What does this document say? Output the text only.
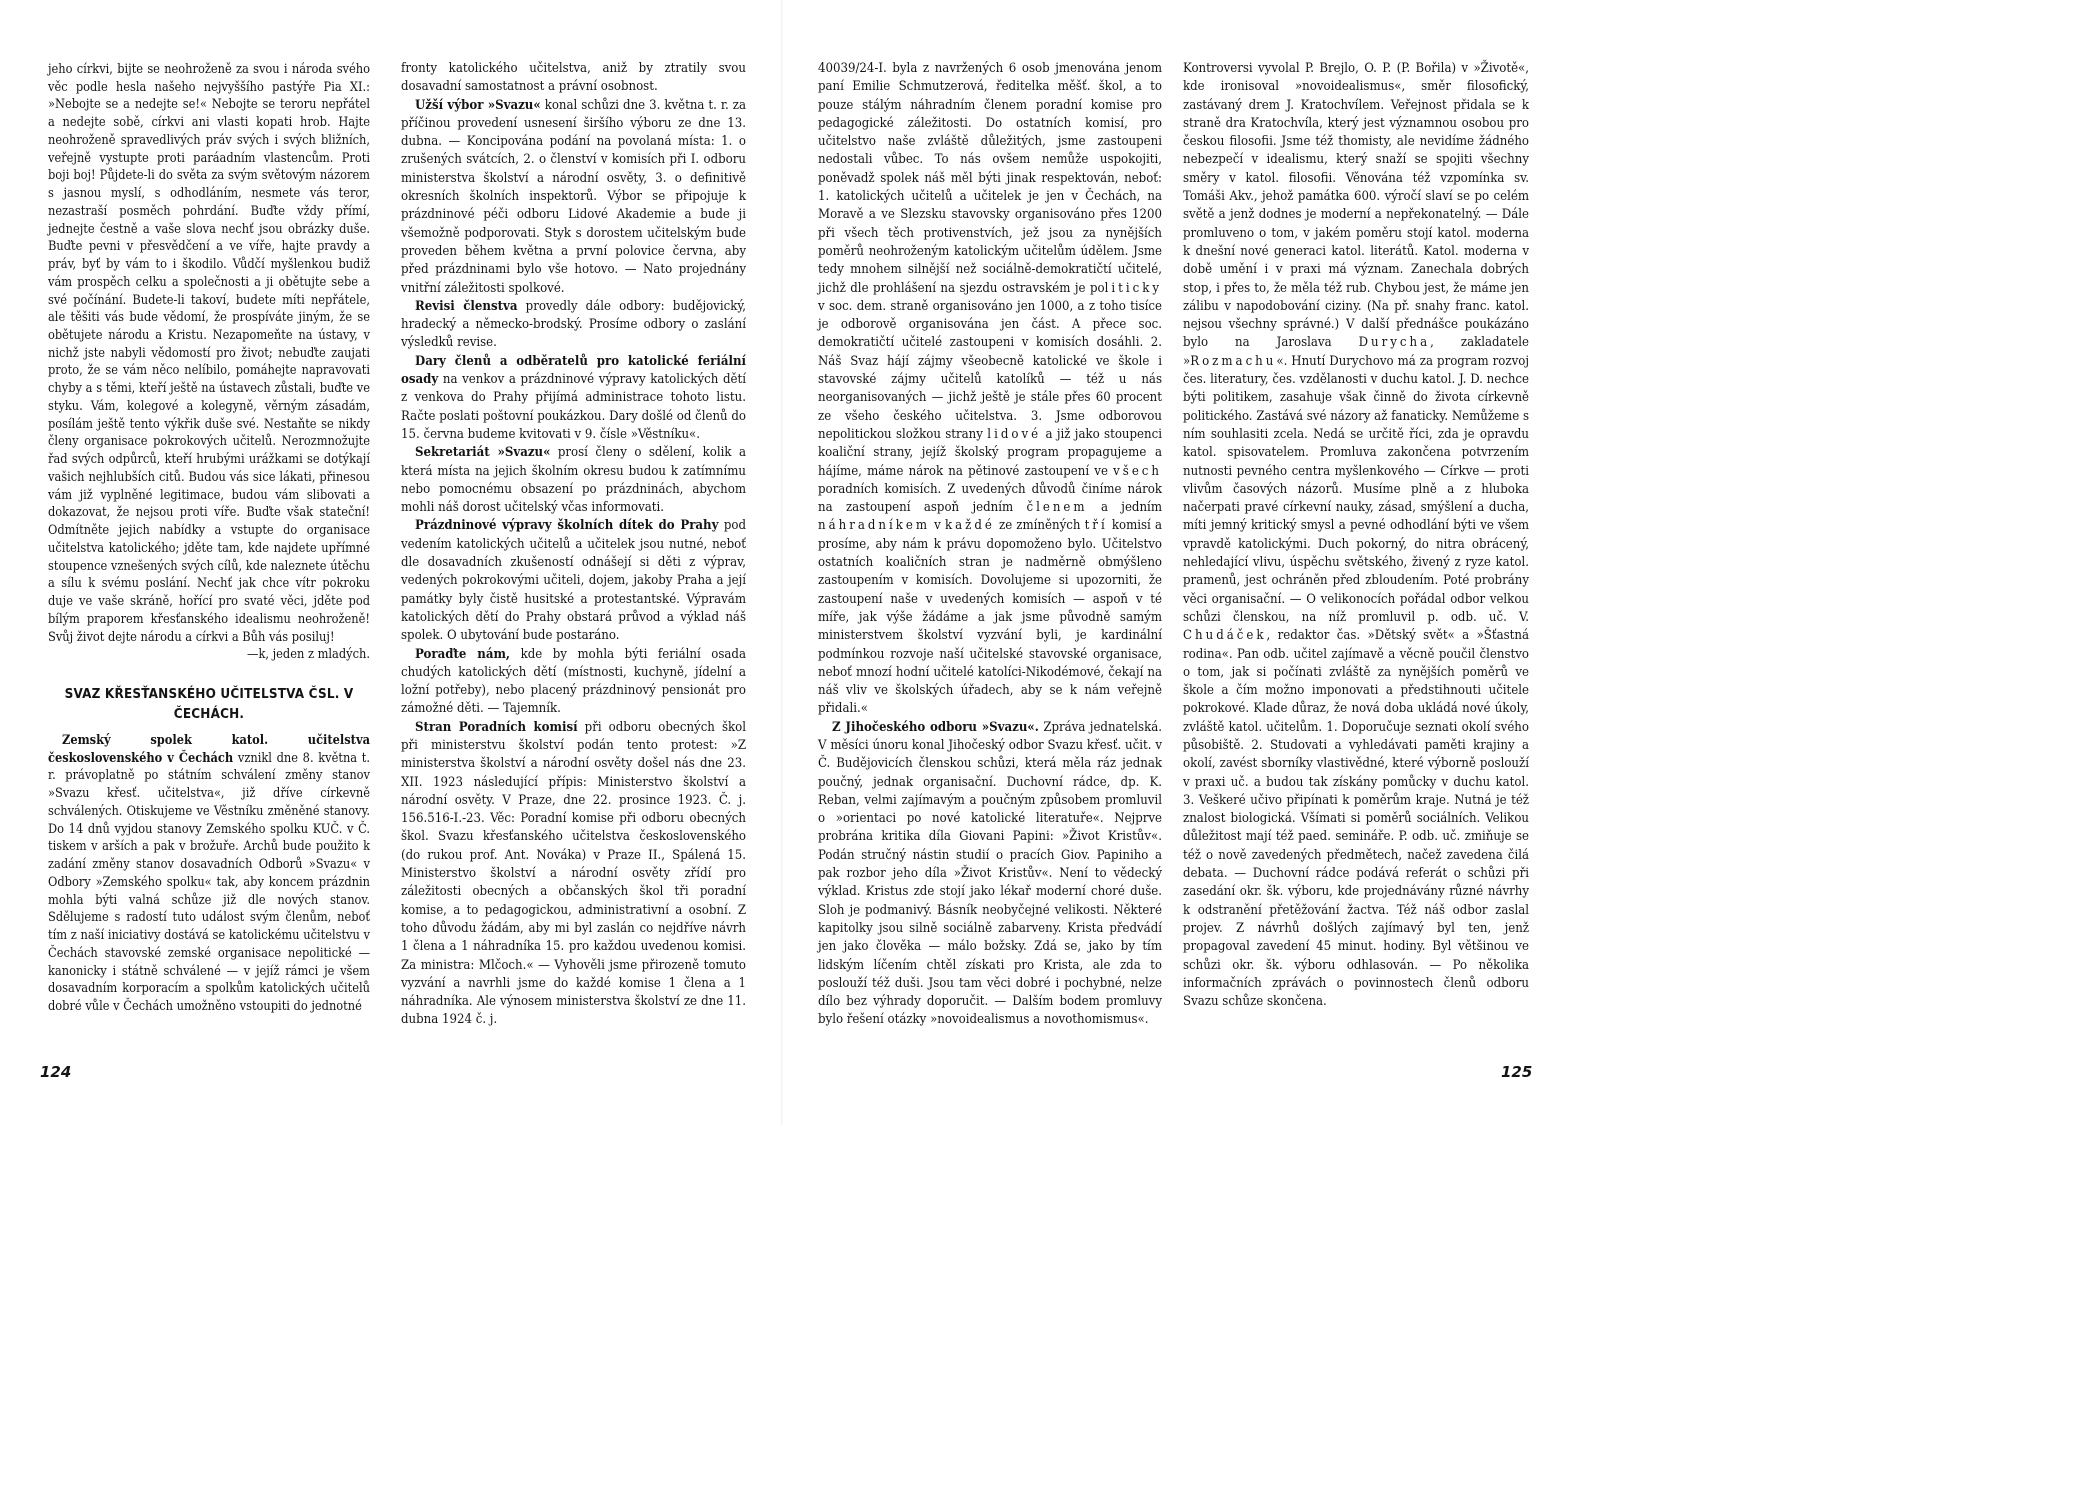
jeho církvi, bijte se neohroženě za svou i národa svého věc podle hesla našeho nejvyššího pastýře Pia XI.: »Nebojte se a nedejte se!« Nebojte se teroru nepřátel a nedejte sobě, církvi ani vlasti kopati hrob. Hajte neohroženě spravedlivých práv svých i svých bližních, veřejně vystupte proti paráadním vlastencům. Proti boji boj! Půjdete-li do světa za svým světovým názorem s jasnou myslí, s odhodláním, nesmete vás teror, nezastraší posměch pohrdání. Buďte vždy přímí, jednejte čestně a vaše slova nechť jsou obrázky duše. Buďte pevni v přesvědčení a ve víře, hajte pravdy a práv, byť by vám to i škodilo. Vůdčí myšlenkou budiž vám prospěch celku a společnosti a ji obětujte sebe a své počínání. Budete-li takoví, budete míti nepřátele, ale těšiti vás bude vědomí, že prospíváte jiným, že se obětujete národu a Kristu. Nezapomeňte na ústavy, v nichž jste nabyli vědomostí pro život; nebuďte zaujati proto, že se vám něco nelíbilo, pomáhejte napravovati chyby a s těmi, kteří ještě na ústavech zůstali, buďte ve styku. Vám, kolegové a kolegyně, věrným zásadám, posílám ještě tento výkřik duše své. Nestaňte se nikdy členy organisace pokrokových učitelů. Nerozmnožujte řad svých odpůrců, kteří hrubými urážkami se dotýkají vašich nejhlubších citů. Budou vás sice lákati, přinesou vám již vyplněné legitimace, budou vám slibovati a dokazovat, že nejsou proti víře. Buďte však stateční! Odmítněte jejich nabídky a vstupte do organisace učitelstva katolického; jděte tam, kde najdete upřímné stoupence vznešených svých cílů, kde naleznete útěchu a sílu k svému poslání. Nechť jak chce vítr pokroku duje ve vaše skráně, hořící pro svaté věci, jděte pod bílým praporem křesťanského idealismu neohroženě! Svůj život dejte národu a církvi a Bůh vás posiluj!

—k, jeden z mladých.

SVAZ KŘESŤANSKÉHO UČITELSTVA ČSL. V ČECHÁCH.

Zemský spolek katol. učitelstva československého v Čechách vznikl dne 8. května t. r. právoplatně po státním schválení změny stanov »Svazu křesť. učitelstva«, již dříve církevně schválených. Otiskujeme ve Věstníku změněné stanovy. Do 14 dnů vyjdou stanovy Zemského spolku KUČ. v Č. tiskem v arších a pak v brožuře. Archů bude použito k zadání změny stanov dosavadních Odborů »Svazu« v Odbory »Zemského spolku« tak, aby koncem prázdnin mohla býti valná schůze již dle nových stanov. Sdělujeme s radostí tuto událost svým členům, neboť tím z naší iniciativy dostává se katolickému učitelstvu v Čechách stavovské zemské organisace nepolitické — kanonicky i státně schválené — v jejíž rámci je všem dosavadním korporacím a spolkům katolických učitelů dobré vůle v Čechách umožněno vstoupiti do jednotné

fronty katolického učitelstva, aniž by ztratily svou dosavadní samostatnost a právní osobnost.

Užší výbor »Svazu« konal schůzi dne 3. května t. r. za příčinou provedení usnesení širšího výboru ze dne 13. dubna. — Koncipována podání na povolaná místa: 1. o zrušených svátcích, 2. o členství v komisích při I. odboru ministerstva školství a národní osvěty, 3. o definitivě okresních školních inspektorů. Výbor se připojuje k prázdninové péči odboru Lidové Akademie a bude ji všemožně podporovati. Styk s dorostem učitelským bude proveden během května a první polovice června, aby před prázdninami bylo vše hotovo. — Nato projednány vnitřní záležitosti spolkové.

Revisi členstva provedly dále odbory: budějovický, hradecký a německo-brodský. Prosíme odbory o zaslání výsledků revise.

Dary členů a odběratelů pro katolické feriální osady na venkov a prázdninové výpravy katolických dětí z venkova do Prahy přijímá administrace tohoto listu. Račte poslati poštovní poukázkou. Dary došlé od členů do 15. června budeme kvitovati v 9. čísle »Věstníku«.

Sekretariát »Svazu« prosí členy o sdělení, kolik a která místa na jejich školním okresu budou k zatímnímu nebo pomocnému obsazení po prázdninách, abychom mohli náš dorost učitelský včas informovati.

Prázdninové výpravy školních dítek do Prahy pod vedením katolických učitelů a učitelek jsou nutné, neboť dle dosavadních zkušeností odnášejí si děti z výprav, vedených pokrokovými učiteli, dojem, jakoby Praha a její památky byly čistě husitské a protestantské. Výpravám katolických dětí do Prahy obstará průvod a výklad náš spolek. O ubytování bude postaráno.

Poraďte nám, kde by mohla býti feriální osada chudých katolických dětí (místnosti, kuchyně, jídelní a ložní potřeby), nebo placený prázdninový pensionát pro zámožné děti. — Tajemník.

Stran Poradních komisí při odboru obecných škol při ministerstvu školství podán tento protest: »Z ministerstva školství a národní osvěty došel nás dne 23. XII. 1923 následující přípis: Ministerstvo školství a národní osvěty. V Praze, dne 22. prosince 1923. Č. j. 156.516-I.-23. Věc: Poradní komise při odboru obecných škol. Svazu křesťanského učitelstva československého (do rukou prof. Ant. Nováka) v Praze II., Spálená 15. Ministerstvo školství a národní osvěty zřídí pro záležitosti obecných a občanských škol tři poradní komise, a to pedagogickou, administrativní a osobní. Z toho důvodu žádám, aby mi byl zaslán co nejdříve návrh 1 člena a 1 náhradníka 15. pro každou uvedenou komisi. Za ministra: Mlčoch.« — Vyhověli jsme přirozeně tomuto vyzvání a navrhli jsme do každé komise 1 člena a 1 náhradníka. Ale výnosem ministerstva školství ze dne 11. dubna 1924 č. j.

124

40039/24-I. byla z navržených 6 osob jmenována jenom paní Emilie Schmutzerová, ředitelka měšť. škol, a to pouze stálým náhradním členem poradní komise pro pedagogické záležitosti. Do ostatních komisí, pro učitelstvo naše zvláště důležitých, jsme zastoupeni nedostali vůbec. To nás ovšem nemůže uspokojiti, poněvadž spolek náš měl býti jinak respektován, neboť: 1. katolických učitelů a učitelek je jen v Čechách, na Moravě a ve Slezsku stavovsky organisováno přes 1200 při všech těch protivenstvích, jež jsou za nynějších poměrů neohroženým katolickým učitelům údělem. Jsme tedy mnohem silnější než sociálně-demokratičtí učitelé, jichž dle prohlášení na sjezdu ostravském je politicky v soc. dem. straně organisováno jen 1000, a z toho tisíce je odborově organisována jen část. A přece soc. demokratičtí učitelé zastoupeni v komisích dosáhli. 2. Náš Svaz hájí zájmy všeobecně katolické ve škole i stavovské zájmy učitelů katolíků — též u nás neorganisovaných — jichž ještě je stále přes 60 procent ze všeho českého učitelstva. 3. Jsme odborovou nepolitickou složkou strany lidové a již jako stoupenci koaliční strany, jejíž školský program propagujeme a hájíme, máme nárok na pětinové zastoupení ve všech poradních komisích. Z uvedených důvodů činíme nárok na zastoupení aspoň jedním členem a jedním náhradníkem v každé ze zmíněných tří komisí a prosíme, aby nám k právu dopomoženo bylo. Učitelstvo ostatních koaličních stran je nadměrně obmýšleno zastoupením v komisích. Dovolujeme si upozorniti, že zastoupení naše v uvedených komisích — aspoň v té míře, jak výše žádáme a jak jsme původně samým ministerstvem školství vyzvání byli, je kardinální podmínkou rozvoje naší učitelské stavovské organisace, neboť mnozí hodní učitelé katolíci-Nikodémové, čekají na náš vliv ve školských úřadech, aby se k nám veřejně přidali.«

Z Jihočeského odboru »Svazu«. Zpráva jednatelská. V měsíci únoru konal Jihočeský odbor Svazu křesť. učit. v Č. Budějovicích členskou schůzi, která měla ráz jednak poučný, jednak organisační. Duchovní rádce, dp. K. Reban, velmi zajímavým a poučným způsobem promluvil o »orientaci po nové katolické literatuře«. Nejprve probrána kritika díla Giovani Papini: »Život Kristův«. Podán stručný nástin studií o pracích Giov. Papiniho a pak rozbor jeho díla »Život Kristův«. Není to vědecký výklad. Kristus zde stojí jako lékař moderní choré duše. Sloh je podmanivý. Básník neobyčejné velikosti. Některé kapitolky jsou silně sociálně zabarveny. Krista předvádí jen jako člověka — málo božsky. Zdá se, jako by tím lidským líčením chtěl získati pro Krista, ale zda to poslouží též duši. Jsou tam věci dobré i pochybné, nelze dílo bez výhrady doporučit. — Dalším bodem promluvy bylo řešení otázky »novoidealismus a novothomismus«.

Kontroversi vyvolal P. Brejlo, O. P. (P. Bořila) v »Životě«, kde ironisoval »novoidealismus«, směr filosofický, zastávaný drem J. Kratochvílem. Veřejnost přidala se k straně dra Kratochvíla, který jest významnou osobou pro českou filosofii. Jsme též thomisty, ale nevidíme žádného nebezpečí v idealismu, který snaží se spojiti všechny směry v katol. filosofii. Věnována též vzpomínka sv. Tomáši Akv., jehož památka 600. výročí slaví se po celém světě a jenž dodnes je moderní a nepřekonatelný. — Dále promluveno o tom, v jakém poměru stojí katol. moderna k dnešní nové generaci katol. literátů. Katol. moderna v době umění i v praxi má význam. Zanechala dobrých stop, i přes to, že měla též rub. Chybou jest, že máme jen zálibu v napodobování ciziny. (Na př. snahy franc. katol. nejsou všechny správné.) V další přednášce poukázáno bylo na Jaroslava Durycha, zakladatele »Rozmachu«. Hnutí Durychovo má za program rozvoj čes. literatury, čes. vzdělanosti v duchu katol. J. D. nechce býti politikem, zasahuje však činně do života církevně politického. Zastává své názory až fanaticky. Nemůžeme s ním souhlasiti zcela. Nedá se určitě říci, zda je opravdu katol. spisovatelem. Promluva zakončena potvrzením nutnosti pevného centra myšlenkového — Církve — proti vlivům časových názorů. Musíme plně a z hluboka načerpati pravé církevní nauky, zásad, smýšlení a ducha, míti jemný kritický smysl a pevné odhodlání býti ve všem vpravdě katolickými. Duch pokorný, do nitra obrácený, nehledající vlivu, úspěchu světského, živený z ryze katol. pramenů, jest ochráněn před zbloudením. Poté probrány věci organisační. — O velikonocích pořádal odbor velkou schůzi členskou, na níž promluvil p. odb. uč. V. Chudáček, redaktor čas. »Dětský svět« a »Šťastná rodina«. Pan odb. učitel zajímavě a věcně poučil členstvo o tom, jak si počínati zvláště za nynějších poměrů ve škole a čím možno imponovati a předstihnouti učitele pokrokové. Klade důraz, že nová doba ukládá nové úkoly, zvláště katol. učitelům. 1. Doporučuje seznati okolí svého působiště. 2. Studovati a vyhledávati paměti krajiny a okolí, zavést sborníky vlastivědné, které výborně poslouží v praxi uč. a budou tak získány pomůcky v duchu katol. 3. Veškeré učivo připínati k poměrům kraje. Nutná je též znalost biologická. Všímati si poměrů sociálních. Velikou důležitost mají též paed. semináře. P. odb. uč. zmiňuje se též o nově zavedených předmětech, načež zavedena čilá debata. — Duchovní rádce podává referát o schůzi při zasedání okr. šk. výboru, kde projednávány různé návrhy k odstranění přetěžování žactva. Též náš odbor zaslal projev. Z návrhů došlých zajímavý byl ten, jenž propagoval zavedení 45 minut. hodiny. Byl většinou ve schůzi okr. šk. výboru odhlasován. — Po několika informačních zprávách o povinnostech členů odboru Svazu schůze skončena.

125
